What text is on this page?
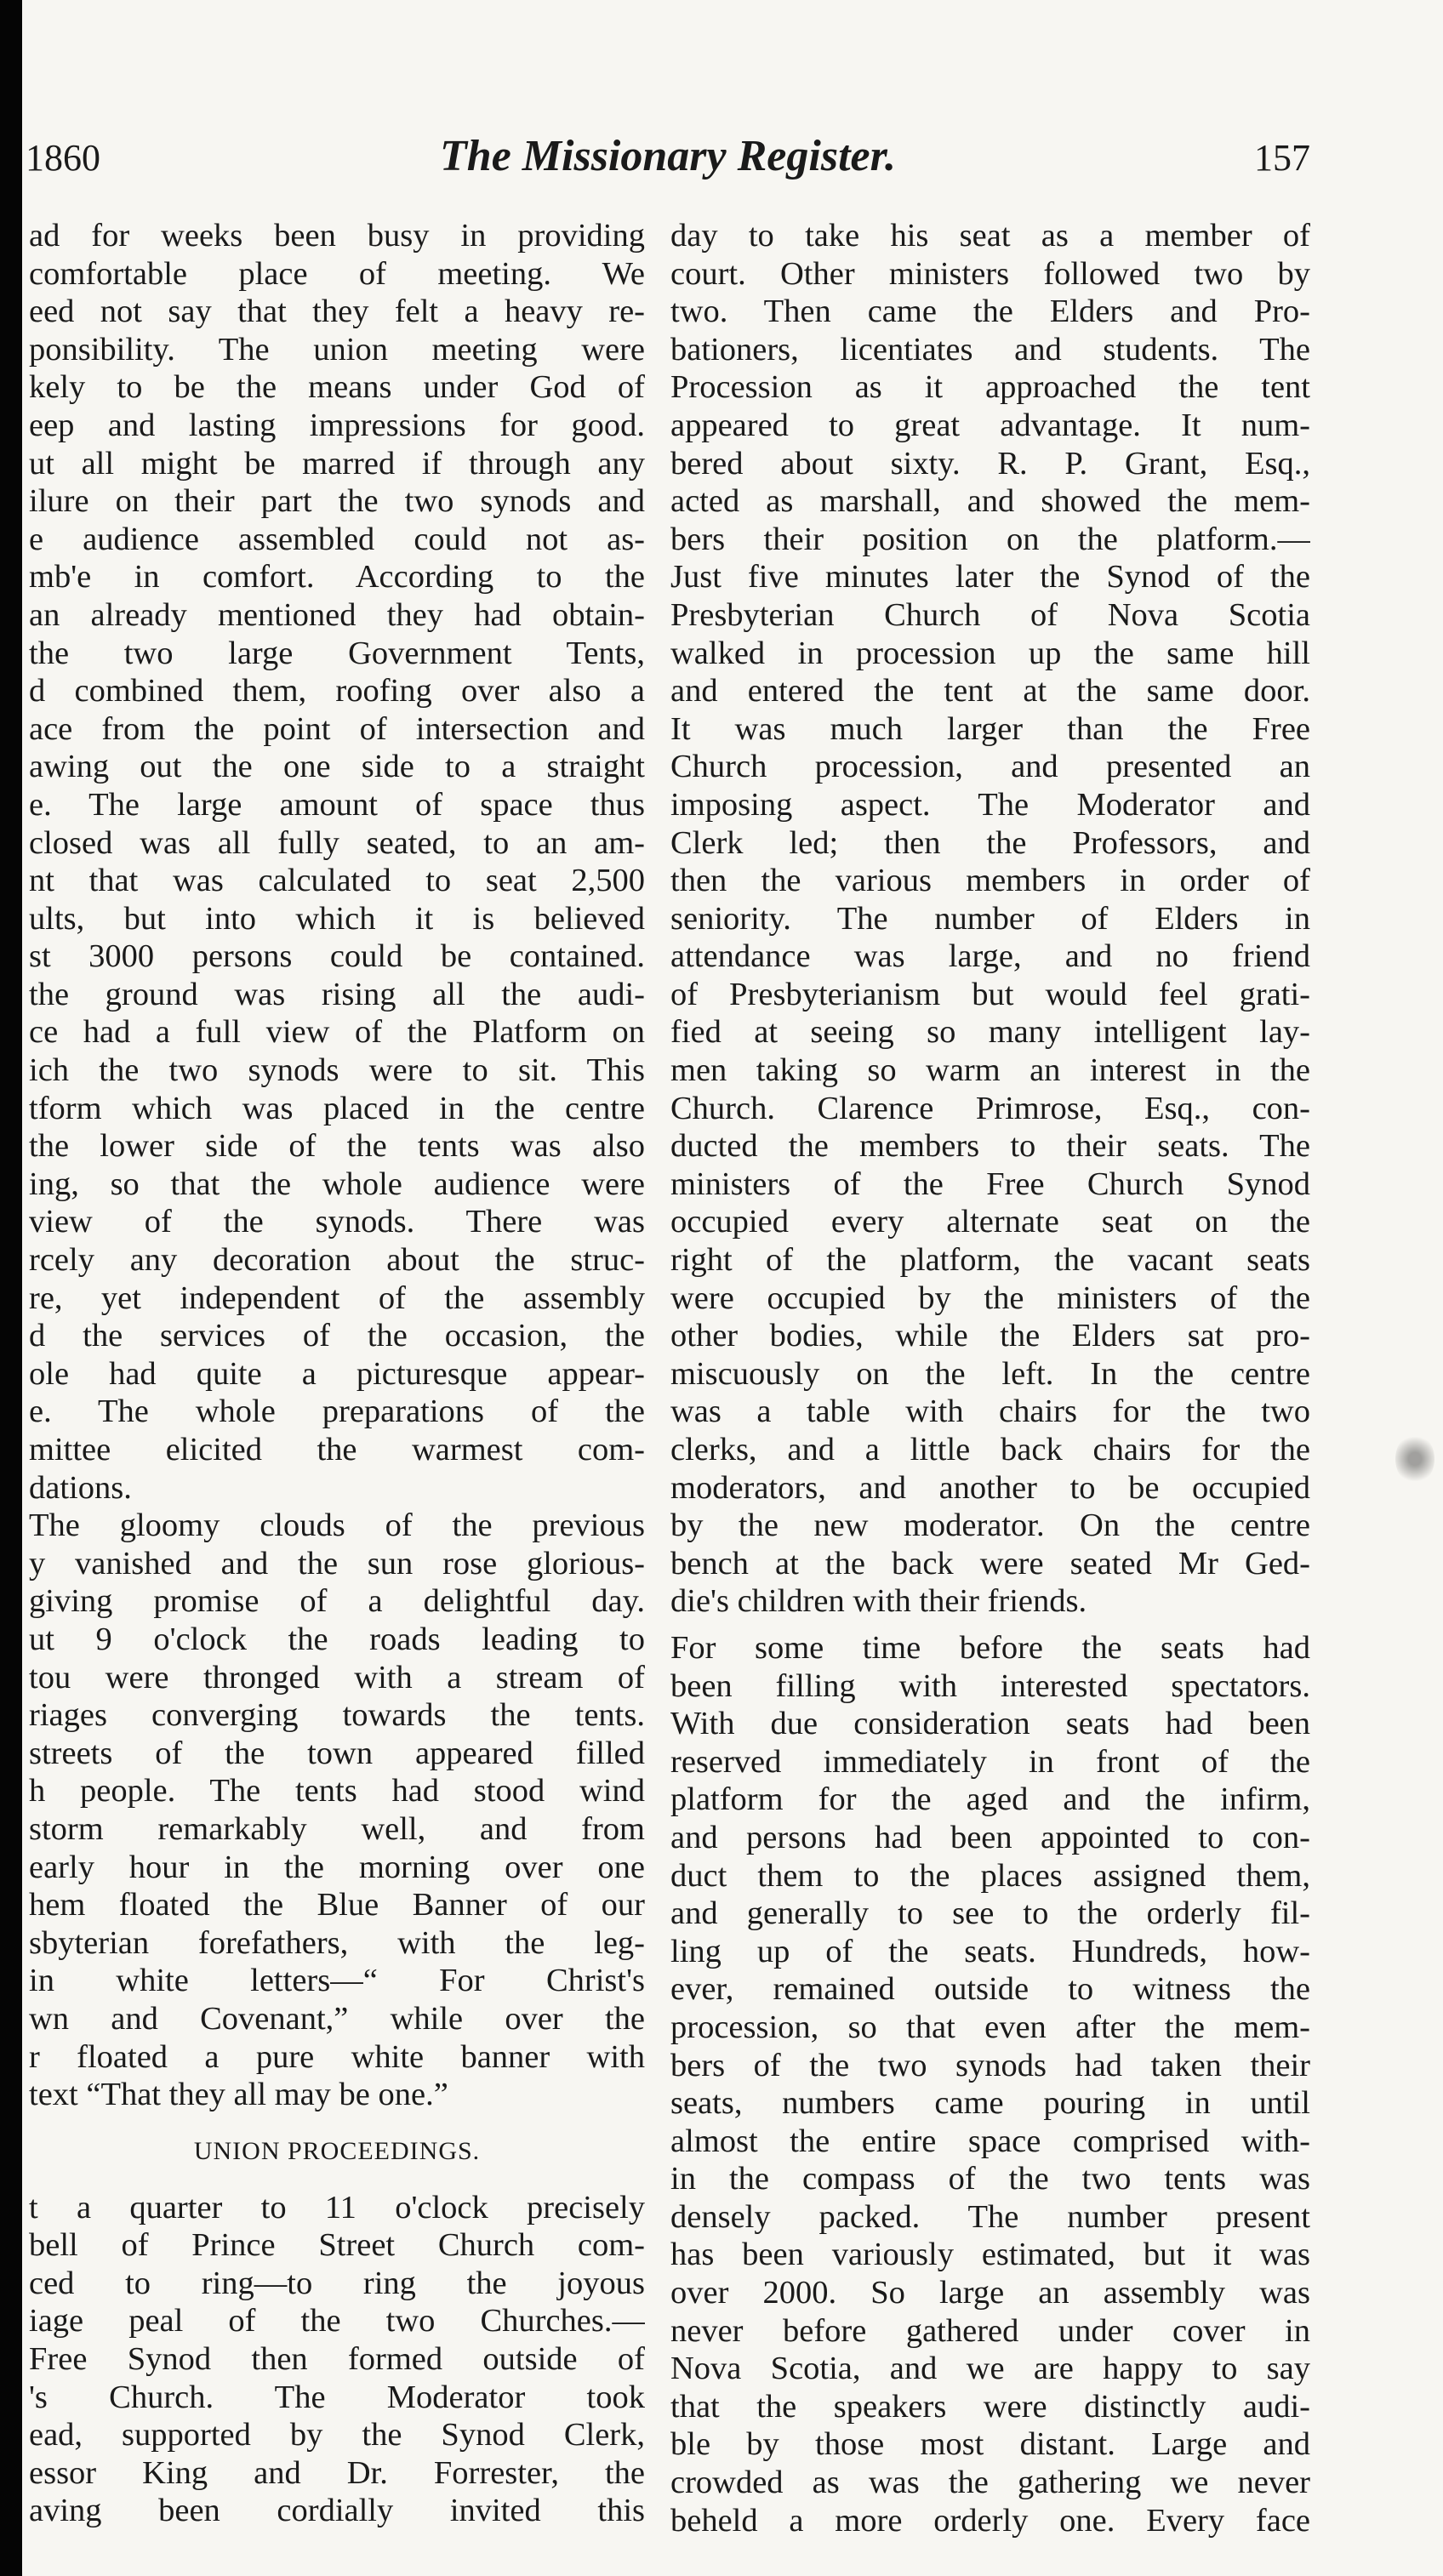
1860	The Missionary Register.	157
ad for weeks been busy in providing
comfortable place of meeting. We
eed not say that they felt a heavy re-
ponsibility. The union meeting were
kely to be the means under God of
eep and lasting impressions for good.
ut all might be marred if through any
ilure on their part the two synods and
e audience assembled could not as-
mb'e in comfort. According to the
an already mentioned they had obtain-
the two large Government Tents,
d combined them, roofing over also a
ace from the point of intersection and
awing out the one side to a straight
e. The large amount of space thus
closed was all fully seated, to an am-
nt that was calculated to seat 2,500
ults, but into which it is believed
st 3000 persons could be contained.
the ground was rising all the audi-
ce had a full view of the Platform on
ich the two synods were to sit. This
tform which was placed in the centre
the lower side of the tents was also
ing, so that the whole audience were
view of the synods. There was
rcely any decoration about the struc-
re, yet independent of the assembly
d the services of the occasion, the
ole had quite a picturesque appear-
e. The whole preparations of the
mittee elicited the warmest com-
dations.
The gloomy clouds of the previous
y vanished and the sun rose glorious-
giving promise of a delightful day.
ut 9 o'clock the roads leading to
tou were thronged with a stream of
riages converging towards the tents.
streets of the town appeared filled
h people. The tents had stood wind
storm remarkably well, and from
early hour in the morning over one
hem floated the Blue Banner of our
sbyterian forefathers, with the leg-
in white letters—“ For Christ's
wn and Covenant,” while over the
r floated a pure white banner with
text “That they all may be one.”
UNION PROCEEDINGS.
t a quarter to 11 o'clock precisely
bell of Prince Street Church com-
ced to ring—to ring the joyous
iage peal of the two Churches.—
Free Synod then formed outside of
's Church. The Moderator took
ead, supported by the Synod Clerk,
essor King and Dr. Forrester, the
aving been cordially invited this
day to take his seat as a member of
court. Other ministers followed two by
two. Then came the Elders and Pro-
bationers, licentiates and students. The
Procession as it approached the tent
appeared to great advantage. It num-
bered about sixty. R. P. Grant, Esq.,
acted as marshall, and showed the mem-
bers their position on the platform.—
Just five minutes later the Synod of the
Presbyterian Church of Nova Scotia
walked in procession up the same hill
and entered the tent at the same door.
It was much larger than the Free
Church procession, and presented an
imposing aspect. The Moderator and
Clerk led; then the Professors, and
then the various members in order of
seniority. The number of Elders in
attendance was large, and no friend
of Presbyterianism but would feel grati-
fied at seeing so many intelligent lay-
men taking so warm an interest in the
Church. Clarence Primrose, Esq., con-
ducted the members to their seats. The
ministers of the Free Church Synod
occupied every alternate seat on the
right of the platform, the vacant seats
were occupied by the ministers of the
other bodies, while the Elders sat pro-
miscuously on the left. In the centre
was a table with chairs for the two
clerks, and a little back chairs for the
moderators, and another to be occupied
by the new moderator. On the centre
bench at the back were seated Mr Ged-
die's children with their friends.
For some time before the seats had
been filling with interested spectators.
With due consideration seats had been
reserved immediately in front of the
platform for the aged and the infirm,
and persons had been appointed to con-
duct them to the places assigned them,
and generally to see to the orderly fil-
ling up of the seats. Hundreds, how-
ever, remained outside to witness the
procession, so that even after the mem-
bers of the two synods had taken their
seats, numbers came pouring in until
almost the entire space comprised with-
in the compass of the two tents was
densely packed. The number present
has been variously estimated, but it was
over 2000. So large an assembly was
never before gathered under cover in
Nova Scotia, and we are happy to say
that the speakers were distinctly audi-
ble by those most distant. Large and
crowded as was the gathering we never
beheld a more orderly one. Every face
